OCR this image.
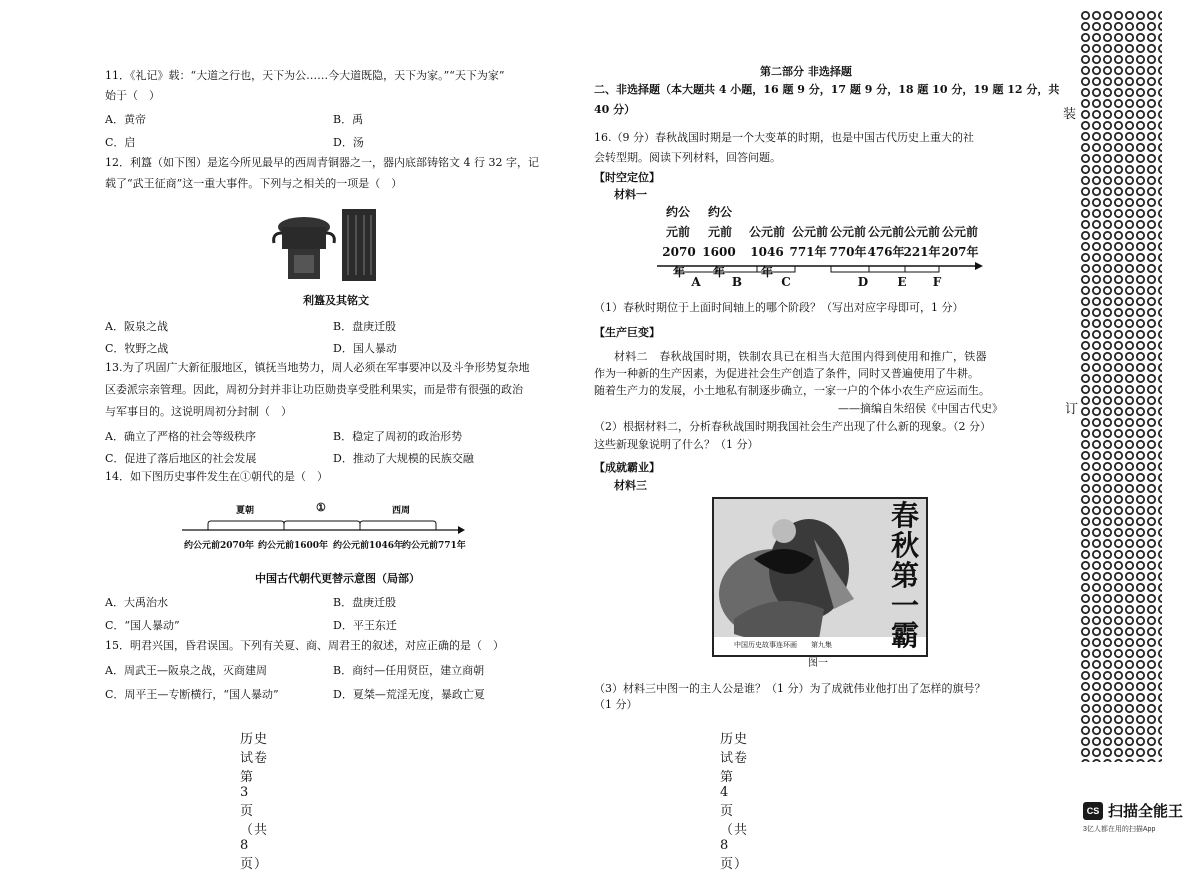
11．《礼记》载：“大道之行也，天下为公……今大道既隐，天下为家。”“天下为家”
始于（　）
A．黄帝	B．禹
C．启	D．汤
12．利簋（如下图）是迄今所见最早的西周青铜器之一，器内底部铸铭文 4 行 32 字，记
载了“武王征商”这一重大事件。下列与之相关的一项是（　）
利簋及其铭文
A．阪泉之战	B．盘庚迁殷
C．牧野之战	D．国人暴动
13.为了巩固广大新征服地区，镇抚当地势力，周人必须在军事要冲以及斗争形势复杂地
区委派宗亲管理。因此，周初分封并非让功臣勋贵享受胜利果实，而是带有很强的政治
与军事目的。这说明周初分封制（　）
A．确立了严格的社会等级秩序	B．稳定了周初的政治形势
C．促进了落后地区的社会发展	D．推动了大规模的民族交融
14．如下图历史事件发生在①朝代的是（　）
夏朝	①	西周
约公元前2070年 约公元前1600年 约公元前1046年
约公元前771年
中国古代朝代更替示意图（局部）
A．大禹治水	B．盘庚迁殷
C．“国人暴动”	D．平王东迁
15．明君兴国，昏君误国。下列有关夏、商、周君王的叙述，对应正确的是（　）
A．周武王—阪泉之战，灭商建周	B．商纣—任用贤臣，建立商朝
C．周平王—专断横行，“国人暴动”	D．夏桀—荒淫无度，暴政亡夏
历史试卷 第 3 页（共 8 页）
第二部分 非选择题
二、非选择题（本大题共 4 小题，16 题 9 分，17 题 9 分，18 题 10 分，19 题 12 分，共
40 分）
16.（9 分）春秋战国时期是一个大变革的时期，也是中国古代历史上重大的社
会转型期。阅读下列材料，回答问题。
【时空定位】
材料一
约公 约公
元前 元前	公元前 公元前 公元前 公元前 公元前 公元前
2070年
1600年
1046年
771年 770年 476年
221年 207年
A	B	C	D E F
（1）春秋时期位于上面时间轴上的哪个阶段？（写出对应字母即可，1 分）
【生产巨变】
材料二　春秋战国时期，铁制农具已在相当大范围内得到使用和推广，铁器
作为一种新的生产因素，为促进社会生产创造了条件，同时又普遍使用了牛耕。
随着生产力的发展，小土地私有制逐步确立，一家一户的个体小农生产应运而生。
——摘编自朱绍侯《中国古代史》
（2）根据材料二，分析春秋战国时期我国社会生产出现了什么新的现象。（2 分）
这些新现象说明了什么？（1 分）
【成就霸业】
材料三
春
秋
第
一
霸
中国历史故事连环画　　第九集
图一
（3）材料三中图一的主人公是谁？（1 分）为了成就伟业他打出了怎样的旗号？
（1 分）
历史试卷 第 4 页（共 8 页）
装
订
CS 扫描全能王
3亿人都在用的扫描App
